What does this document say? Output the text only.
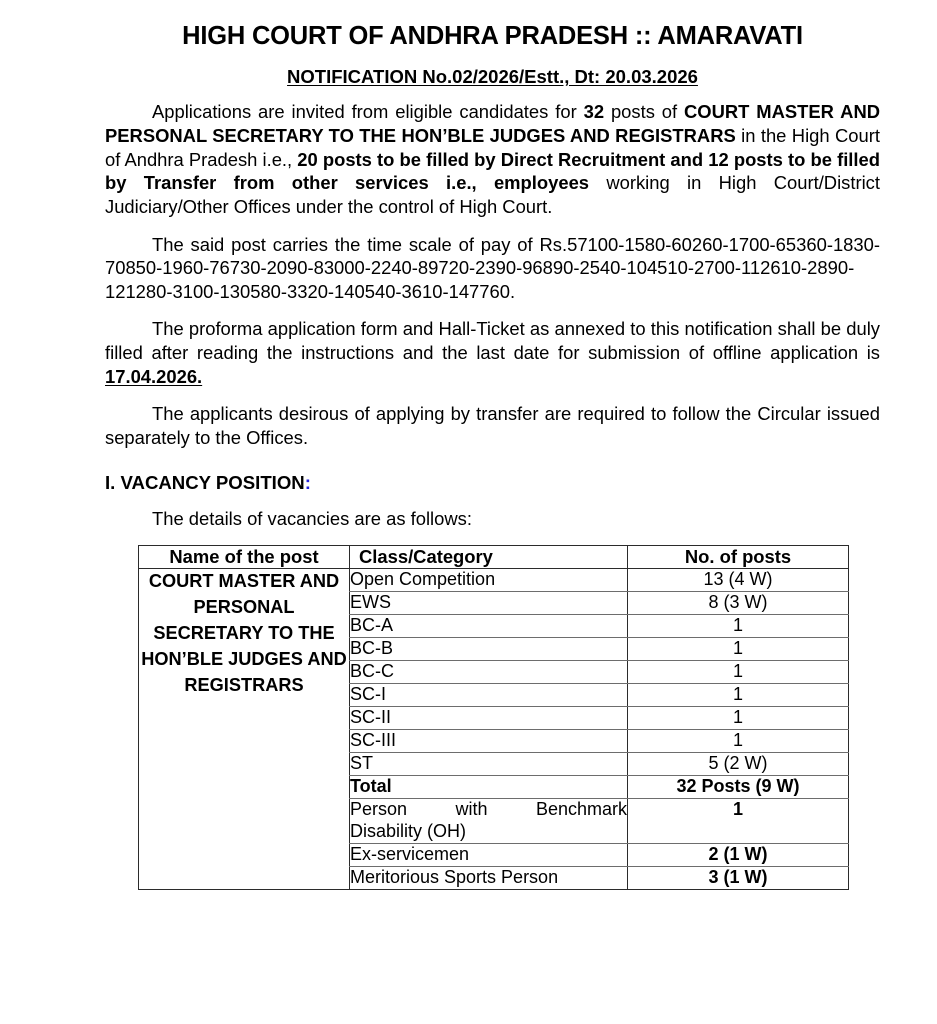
HIGH COURT OF ANDHRA PRADESH :: AMARAVATI
NOTIFICATION No.02/2026/Estt., Dt: 20.03.2026

Applications are invited from eligible candidates for 32 posts of COURT MASTER AND PERSONAL SECRETARY TO THE HON’BLE JUDGES AND REGISTRARS in the High Court of Andhra Pradesh i.e., 20 posts to be filled by Direct Recruitment and 12 posts to be filled by Transfer from other services i.e., employees working in High Court/District Judiciary/Other Offices under the control of High Court.

The said post carries the time scale of pay of Rs.57100-1580-60260-1700-65360-1830-70850-1960-76730-2090-83000-2240-89720-2390-96890-2540-104510-2700-112610-2890-121280-3100-130580-3320-140540-3610-147760.

The proforma application form and Hall-Ticket as annexed to this notification shall be duly filled after reading the instructions and the last date for submission of offline application is 17.04.2026.

The applicants desirous of applying by transfer are required to follow the Circular issued separately to the Offices.

I. VACANCY POSITION:

The details of vacancies are as follows:

Name of the post	Class/Category	No. of posts
COURT MASTER AND PERSONAL SECRETARY TO THE HON’BLE JUDGES AND REGISTRARS	Open Competition	13 (4 W)
	EWS	8 (3 W)
	BC-A	1
	BC-B	1
	BC-C	1
	SC-I	1
	SC-II	1
	SC-III	1
	ST	5 (2 W)
	Total	32 Posts (9 W)

	Person with Benchmark
Disability (OH)	1
	Ex-servicemen	2 (1 W)
	Meritorious Sports Person	3 (1 W)
